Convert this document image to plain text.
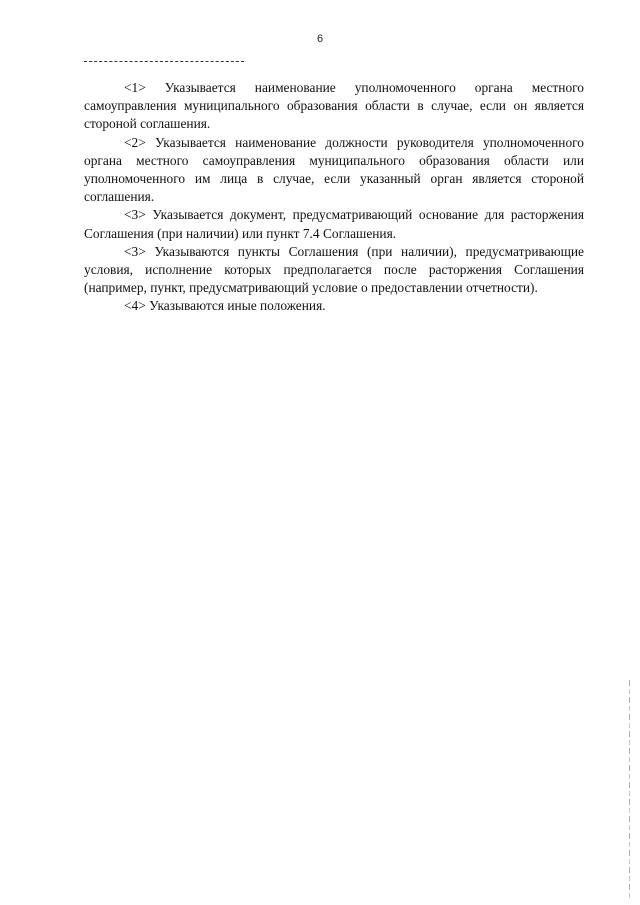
6

<1> Указывается наименование уполномоченного органа местного самоуправления муниципального образования области в случае, если он является стороной соглашения.

<2> Указывается наименование должности руководителя уполномоченного органа местного самоуправления муниципального образования области или уполномоченного им лица в случае, если указанный орган является стороной соглашения.

<3> Указывается документ, предусматривающий основание для расторжения Соглашения (при наличии) или пункт 7.4 Соглашения.

<3> Указываются пункты Соглашения (при наличии), предусматривающие условия, исполнение которых предполагается после расторжения Соглашения (например, пункт, предусматривающий условие о предоставлении отчетности).

<4> Указываются иные положения.
